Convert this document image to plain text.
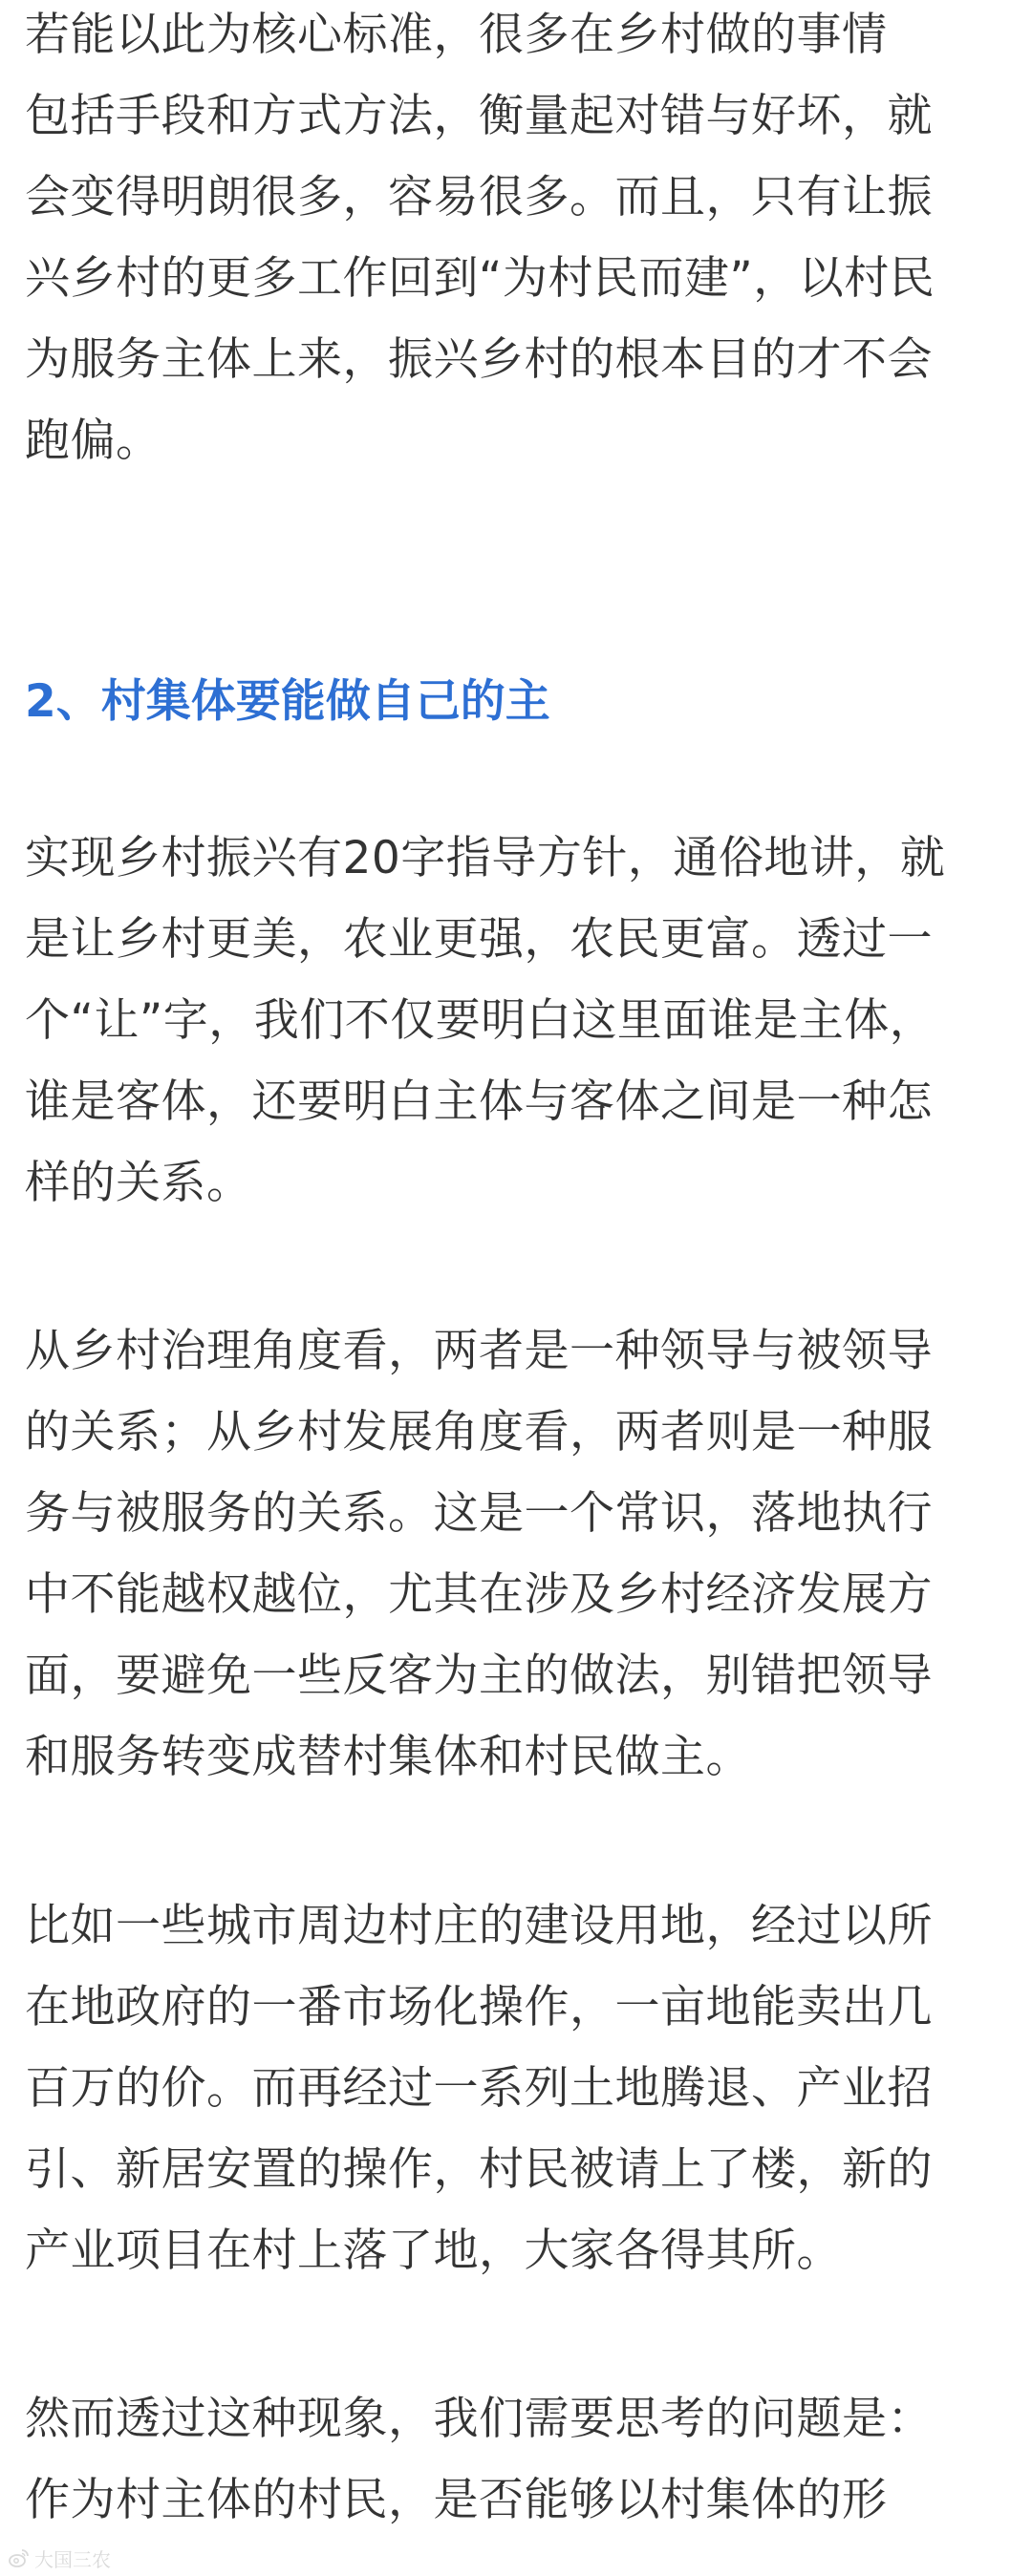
若能以此为核心标准，很多在乡村做的事情
包括手段和方式方法，衡量起对错与好坏，就
会变得明朗很多，容易很多。而且，只有让振
兴乡村的更多工作回到“为村民而建”，以村民
为服务主体上来，振兴乡村的根本目的才不会
跑偏。

2、村集体要能做自己的主

实现乡村振兴有20字指导方针，通俗地讲，就
是让乡村更美，农业更强，农民更富。透过一
个“让”字，我们不仅要明白这里面谁是主体，
谁是客体，还要明白主体与客体之间是一种怎
样的关系。

从乡村治理角度看，两者是一种领导与被领导
的关系；从乡村发展角度看，两者则是一种服
务与被服务的关系。这是一个常识，落地执行
中不能越权越位，尤其在涉及乡村经济发展方
面，要避免一些反客为主的做法，别错把领导
和服务转变成替村集体和村民做主。

比如一些城市周边村庄的建设用地，经过以所
在地政府的一番市场化操作，一亩地能卖出几
百万的价。而再经过一系列土地腾退、产业招
引、新居安置的操作，村民被请上了楼，新的
产业项目在村上落了地，大家各得其所。

然而透过这种现象，我们需要思考的问题是：
作为村主体的村民，是否能够以村集体的形

大国三农
